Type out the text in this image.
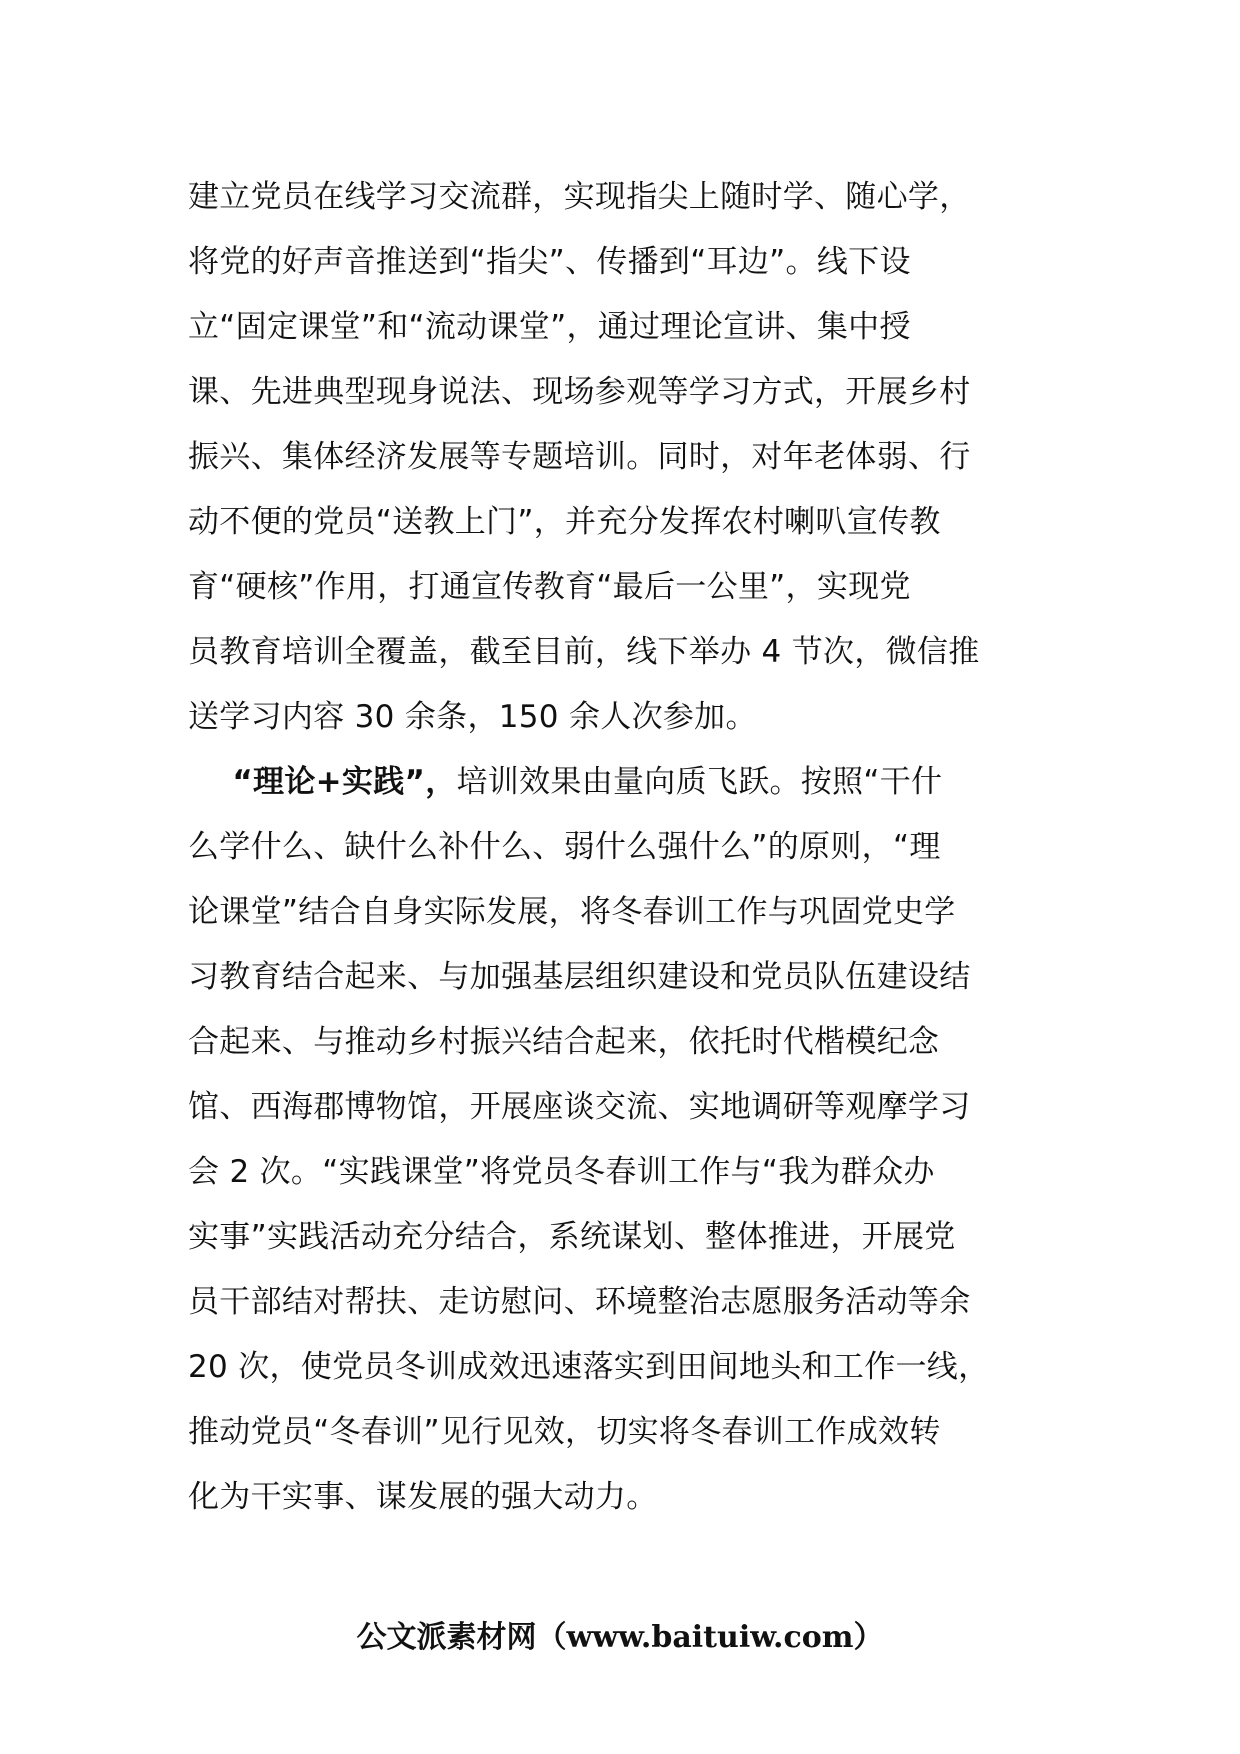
建立党员在线学习交流群，实现指尖上随时学、随心学，
将党的好声音推送到“指尖”、传播到“耳边”。线下设
立“固定课堂”和“流动课堂”，通过理论宣讲、集中授
课、先进典型现身说法、现场参观等学习方式，开展乡村
振兴、集体经济发展等专题培训。同时，对年老体弱、行
动不便的党员“送教上门”，并充分发挥农村喇叭宣传教
育“硬核”作用，打通宣传教育“最后一公里”，实现党
员教育培训全覆盖，截至目前，线下举办 4 节次，微信推
送学习内容 30 余条，150 余人次参加。
“理论+实践”，培训效果由量向质飞跃。按照“干什
么学什么、缺什么补什么、弱什么强什么”的原则，“理
论课堂”结合自身实际发展，将冬春训工作与巩固党史学
习教育结合起来、与加强基层组织建设和党员队伍建设结
合起来、与推动乡村振兴结合起来，依托时代楷模纪念
馆、西海郡博物馆，开展座谈交流、实地调研等观摩学习
会 2 次。“实践课堂”将党员冬春训工作与“我为群众办
实事”实践活动充分结合，系统谋划、整体推进，开展党
员干部结对帮扶、走访慰问、环境整治志愿服务活动等余
20 次，使党员冬训成效迅速落实到田间地头和工作一线，
推动党员“冬春训”见行见效，切实将冬春训工作成效转
化为干实事、谋发展的强大动力。
公文派素材网（www.baituiw.com）
